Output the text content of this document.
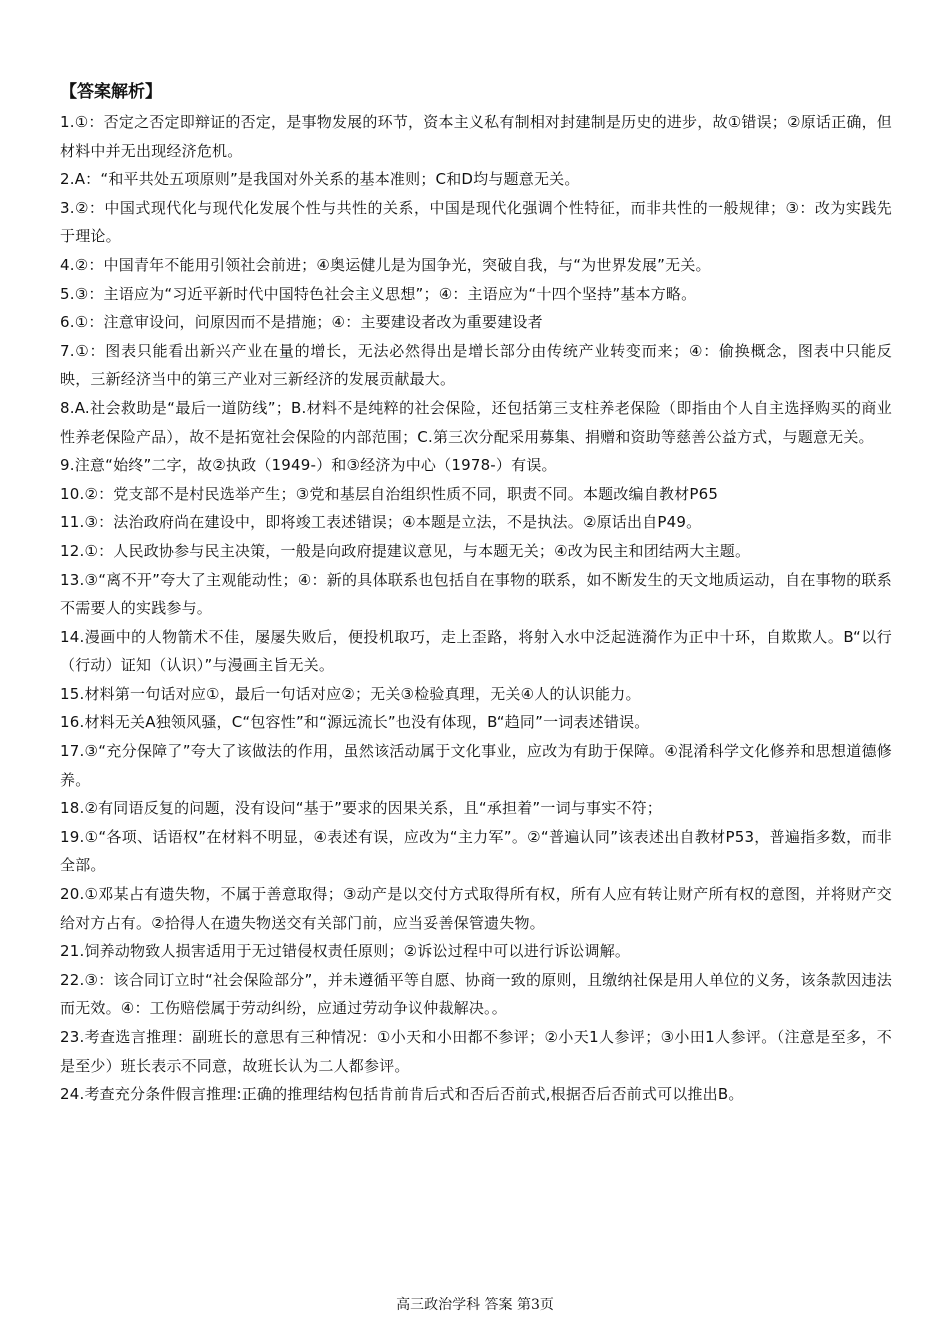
【答案解析】

1.①：否定之否定即辩证的否定，是事物发展的环节，资本主义私有制相对封建制是历史的进步，故①错误；②原话正确，但材料中并无出现经济危机。

2.A：“和平共处五项原则”是我国对外关系的基本准则；C和D均与题意无关。

3.②：中国式现代化与现代化发展个性与共性的关系，中国是现代化强调个性特征，而非共性的一般规律；③：改为实践先于理论。

4.②：中国青年不能用引领社会前进；④奥运健儿是为国争光，突破自我，与“为世界发展”无关。

5.③：主语应为“习近平新时代中国特色社会主义思想”；④：主语应为“十四个坚持”基本方略。

6.①：注意审设问，问原因而不是措施；④：主要建设者改为重要建设者

7.①：图表只能看出新兴产业在量的增长，无法必然得出是增长部分由传统产业转变而来；④：偷换概念，图表中只能反映，三新经济当中的第三产业对三新经济的发展贡献最大。

8.A.社会救助是“最后一道防线”；B.材料不是纯粹的社会保险，还包括第三支柱养老保险（即指由个人自主选择购买的商业性养老保险产品），故不是拓宽社会保险的内部范围；C.第三次分配采用募集、捐赠和资助等慈善公益方式，与题意无关。

9.注意“始终”二字，故②执政（1949-）和③经济为中心（1978-）有误。

10.②：党支部不是村民选举产生；③党和基层自治组织性质不同，职责不同。本题改编自教材P65

11.③：法治政府尚在建设中，即将竣工表述错误；④本题是立法，不是执法。②原话出自P49。

12.①：人民政协参与民主决策，一般是向政府提建议意见，与本题无关；④改为民主和团结两大主题。

13.③“离不开”夸大了主观能动性；④：新的具体联系也包括自在事物的联系，如不断发生的天文地质运动，自在事物的联系不需要人的实践参与。

14.漫画中的人物箭术不佳，屡屡失败后，便投机取巧，走上歪路，将射入水中泛起涟漪作为正中十环，自欺欺人。B“以行（行动）证知（认识）”与漫画主旨无关。

15.材料第一句话对应①，最后一句话对应②；无关③检验真理，无关④人的认识能力。

16.材料无关A独领风骚，C“包容性”和“源远流长”也没有体现，B“趋同”一词表述错误。

17.③“充分保障了”夸大了该做法的作用，虽然该活动属于文化事业，应改为有助于保障。④混淆科学文化修养和思想道德修养。

18.②有同语反复的问题，没有设问“基于”要求的因果关系，且“承担着”一词与事实不符；

19.①“各项、话语权”在材料不明显，④表述有误，应改为“主力军”。②“普遍认同”该表述出自教材P53，普遍指多数，而非全部。

20.①邓某占有遗失物，不属于善意取得；③动产是以交付方式取得所有权，所有人应有转让财产所有权的意图，并将财产交给对方占有。②拾得人在遗失物送交有关部门前，应当妥善保管遗失物。

21.饲养动物致人损害适用于无过错侵权责任原则；②诉讼过程中可以进行诉讼调解。

22.③：该合同订立时“社会保险部分”，并未遵循平等自愿、协商一致的原则，且缴纳社保是用人单位的义务，该条款因违法而无效。④：工伤赔偿属于劳动纠纷，应通过劳动争议仲裁解决。。

23.考查选言推理：副班长的意思有三种情况：①小天和小田都不参评；②小天1人参评；③小田1人参评。（注意是至多，不是至少）班长表示不同意，故班长认为二人都参评。

24.考查充分条件假言推理:正确的推理结构包括肯前肯后式和否后否前式,根据否后否前式可以推出B。

高三政治学科 答案 第3页
